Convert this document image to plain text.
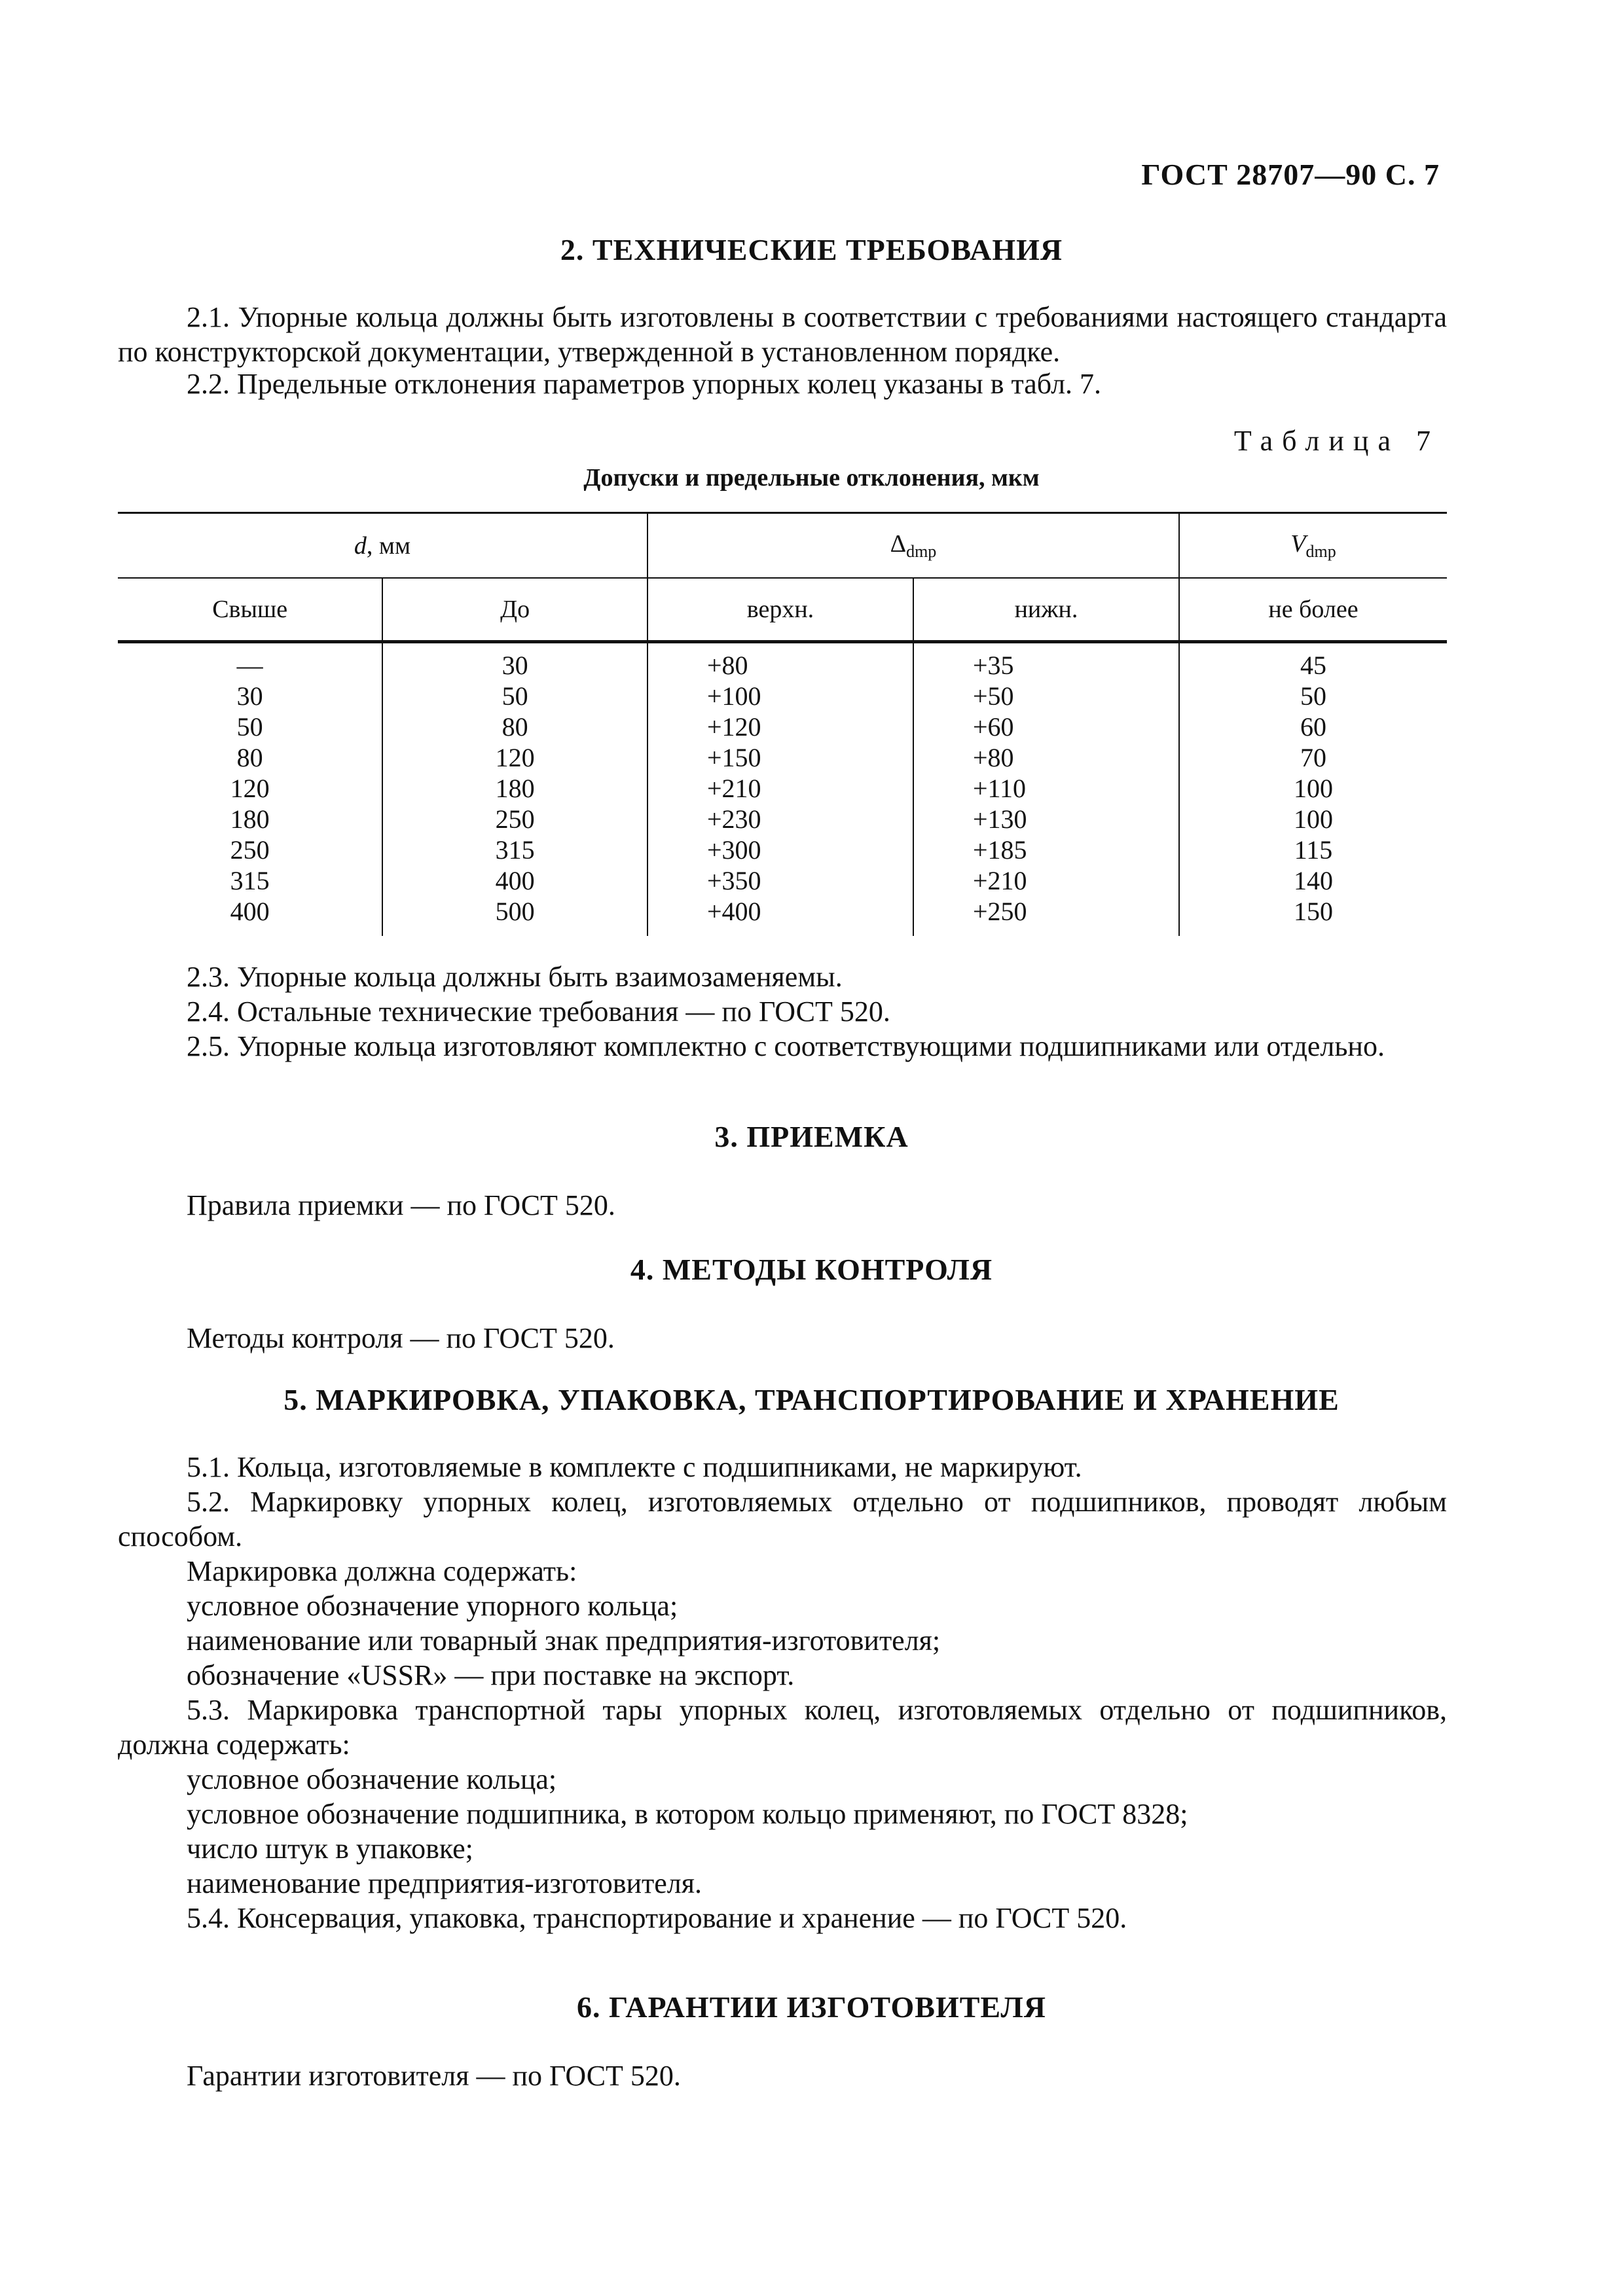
ГОСТ 28707—90 С. 7
2. ТЕХНИЧЕСКИЕ ТРЕБОВАНИЯ

2.1. Упорные кольца должны быть изготовлены в соответствии с требованиями настоящего стандарта по конструкторской документации, утвержденной в установленном порядке.

2.2. Предельные отклонения параметров упорных колец указаны в табл. 7.

Таблица 7
Допуски и предельные отклонения, мкм
d, мм		$\Delta_{dmp}$		$V_{dmp}$
Свыше	До	верхн.	нижн.	не более
—	30	+80	+35	45
30	50	+100	+50	50
50	80	+120	+60	60
80	120	+150	+80	70
120	180	+210	+110	100
180	250	+230	+130	100
250	315	+300	+185	115
315	400	+350	+210	140
400	500	+400	+250	150

2.3. Упорные кольца должны быть взаимозаменяемы.

2.4. Остальные технические требования — по ГОСТ 520.

2.5. Упорные кольца изготовляют комплектно с соответствующими подшипниками или отдельно.

3. ПРИЕМКА

Правила приемки — по ГОСТ 520.

4. МЕТОДЫ КОНТРОЛЯ

Методы контроля — по ГОСТ 520.

5. МАРКИРОВКА, УПАКОВКА, ТРАНСПОРТИРОВАНИЕ И ХРАНЕНИЕ

5.1. Кольца, изготовляемые в комплекте с подшипниками, не маркируют.

5.2. Маркировку упорных колец, изготовляемых отдельно от подшипников, проводят любым способом.

Маркировка должна содержать:

условное обозначение упорного кольца;

наименование или товарный знак предприятия-изготовителя;

обозначение «USSR» — при поставке на экспорт.

5.3. Маркировка транспортной тары упорных колец, изготовляемых отдельно от подшипников, должна содержать:

условное обозначение кольца;

условное обозначение подшипника, в котором кольцо применяют, по ГОСТ 8328;

число штук в упаковке;

наименование предприятия-изготовителя.

5.4. Консервация, упаковка, транспортирование и хранение — по ГОСТ 520.

6. ГАРАНТИИ ИЗГОТОВИТЕЛЯ

Гарантии изготовителя — по ГОСТ 520.
